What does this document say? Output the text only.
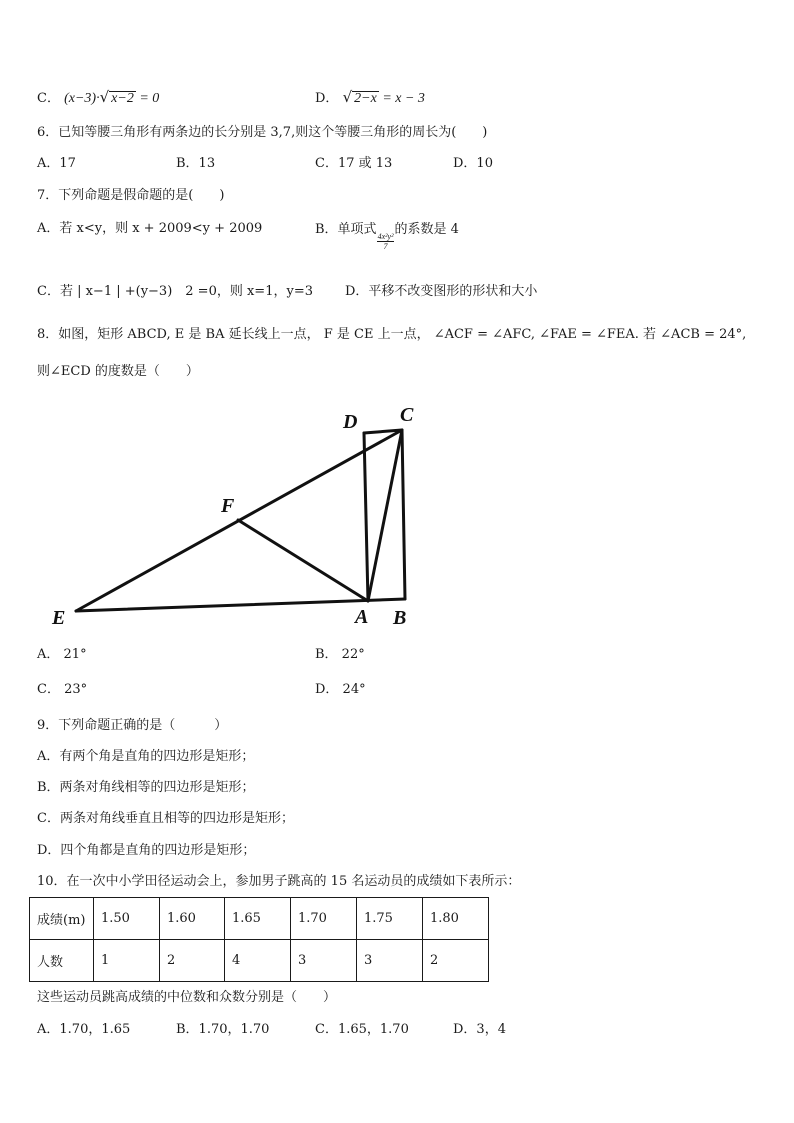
C． (x−3)·√ x−2 = 0	D． √ 2−x = x − 3
6．已知等腰三角形有两条边的长分别是 3,7,则这个等腰三角形的周长为(　　)
A．17	B．13	C．17 或 13	D．10
7．下列命题是假命题的是(　　)
A．若 x<y，则 x + 2009<y + 2009	B．单项式
$\frac{\text{4x²y²}}{7}$
的系数是 4
C．若 | x−1 | +(y−3)　2 =0，则 x=1，y=3 D．平移不改变图形的形状和大小
8．如图，矩形 ABCD, E 是 BA 延长线上一点， F 是 CE 上一点， ∠ACF = ∠AFC, ∠FAE = ∠FEA. 若 ∠ACB = 24°,
则∠ECD 的度数是（　　）
D C
F
E	A B
A． 21°	B． 22°
C． 23°	D． 24°
9．下列命题正确的是（　　　）
A．有两个角是直角的四边形是矩形；
B．两条对角线相等的四边形是矩形；
C．两条对角线垂直且相等的四边形是矩形；
D．四个角都是直角的四边形是矩形；
10．在一次中小学田径运动会上，参加男子跳高的 15 名运动员的成绩如下表所示：
成绩(m)	1.50	1.60	1.65	1.70	1.75	1.80
人数	1	2	4	3	3	2
这些运动员跳高成绩的中位数和众数分别是（　　）
A．1.70，1.65	B．1.70，1.70	C．1.65，1.70	D．3，4
